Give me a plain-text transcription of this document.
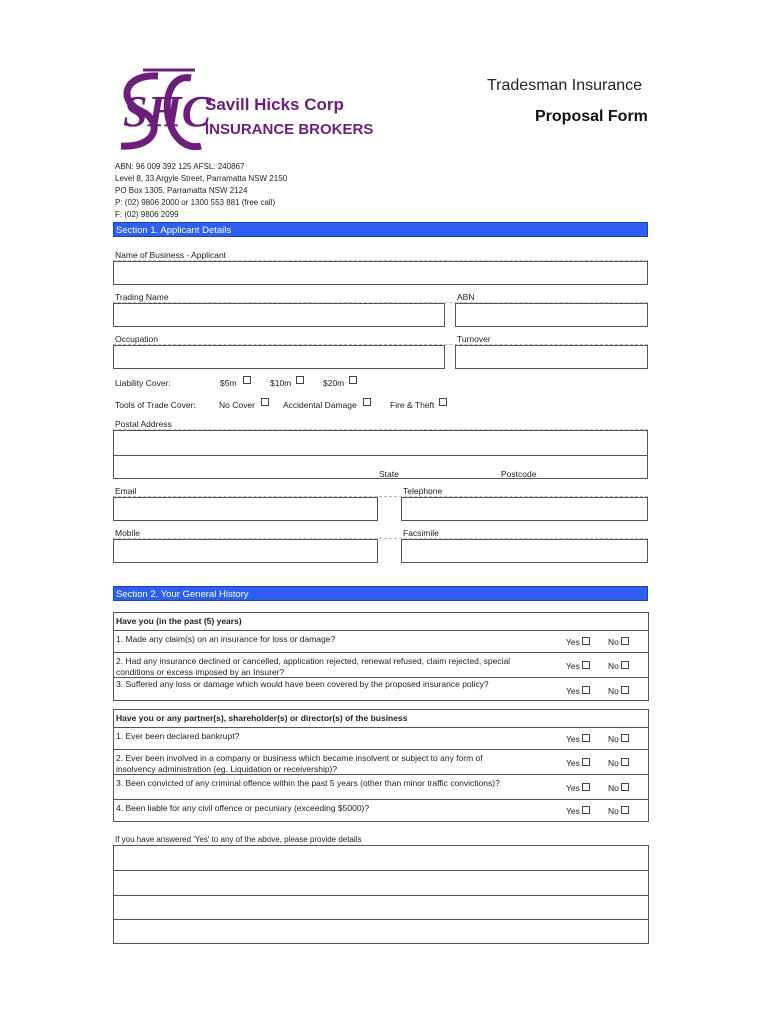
SHC
Savill Hicks Corp
INSURANCE BROKERS
Tradesman Insurance
Proposal Form
ABN: 96 009 392 125 AFSL: 240867
Level 8, 33 Argyle Street, Parramatta NSW 2150
PO Box 1305, Parramatta NSW 2124
P: (02) 9806 2000 or 1300 553 881 (free call)
F: (02) 9806 2099
Section 1. Applicant Details
Name of Business - Applicant
Trading Name	ABN
Occupation	Turnover
Liability Cover:	$5m	$10m	$20m
Tools of Trade Cover:	No Cover	Accidental Damage	Fire & Theft
Postal Address
State	Postcode
Email	Telephone
Mobile	Facsimile
Section 2. Your General History
Have you (in the past (5) years)
1. Made any claim(s) on an insurance for loss or damage?	Yes	No
2. Had any insurance declined or cancelled, application rejected, renewal refused, claim rejected, special conditions or excess imposed by an Insurer?
Yes	No
3. Suffered any loss or damage which would have been covered by the proposed insurance policy?
Yes	No
Have you or any partner(s), shareholder(s) or director(s) of the business
1. Ever been declared bankrupt?	Yes	No
2. Ever been involved in a company or business which became insolvent or subject to any form of insolvency administration (eg. Liquidation or receivership)?
Yes	No
3. Been convicted of any criminal offence within the past 5 years (other than minor traffic convictions)?	Yes	No
4. Been liable for any civil offence or pecuniary (exceeding $5000)?	Yes	No
If you have answered 'Yes' to any of the above, please provide details
